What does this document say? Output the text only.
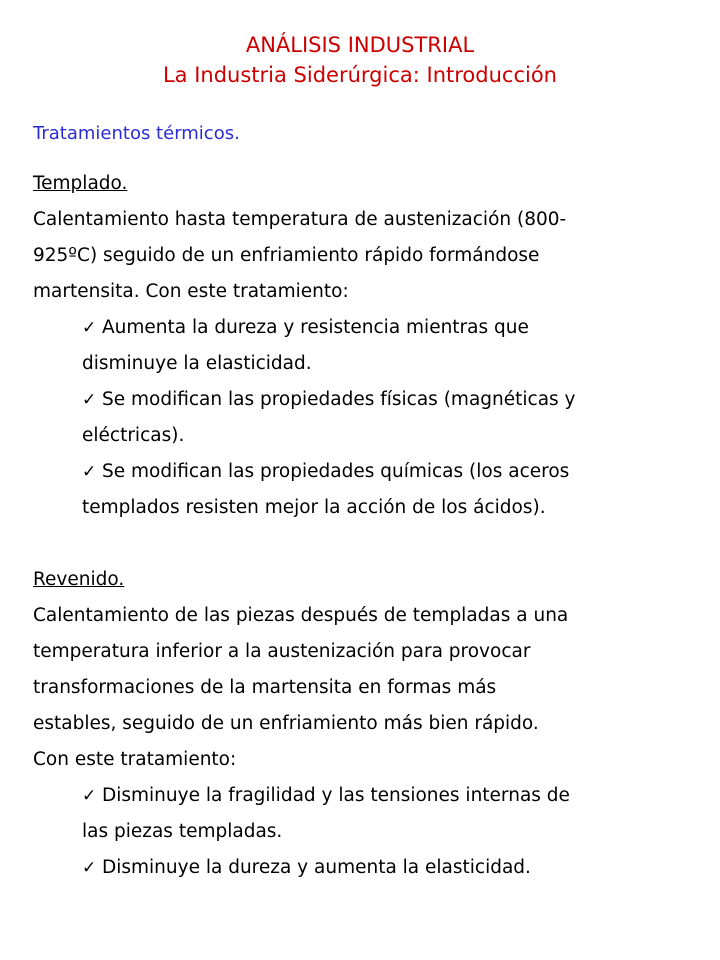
ANÁLISIS INDUSTRIAL
La Industria Siderúrgica: Introducción
Tratamientos térmicos.
Templado.
Calentamiento hasta temperatura de austenización (800-
925ºC) seguido de un enfriamiento rápido formándose
martensita. Con este tratamiento:
✓ Aumenta la dureza y resistencia mientras que
disminuye la elasticidad.
✓ Se modifican las propiedades físicas (magnéticas y
eléctricas).
✓ Se modifican las propiedades químicas (los aceros
templados resisten mejor la acción de los ácidos).
Revenido.
Calentamiento de las piezas después de templadas a una
temperatura inferior a la austenización para provocar
transformaciones de la martensita en formas más
estables, seguido de un enfriamiento más bien rápido.
Con este tratamiento:
✓ Disminuye la fragilidad y las tensiones internas de
las piezas templadas.
✓ Disminuye la dureza y aumenta la elasticidad.
